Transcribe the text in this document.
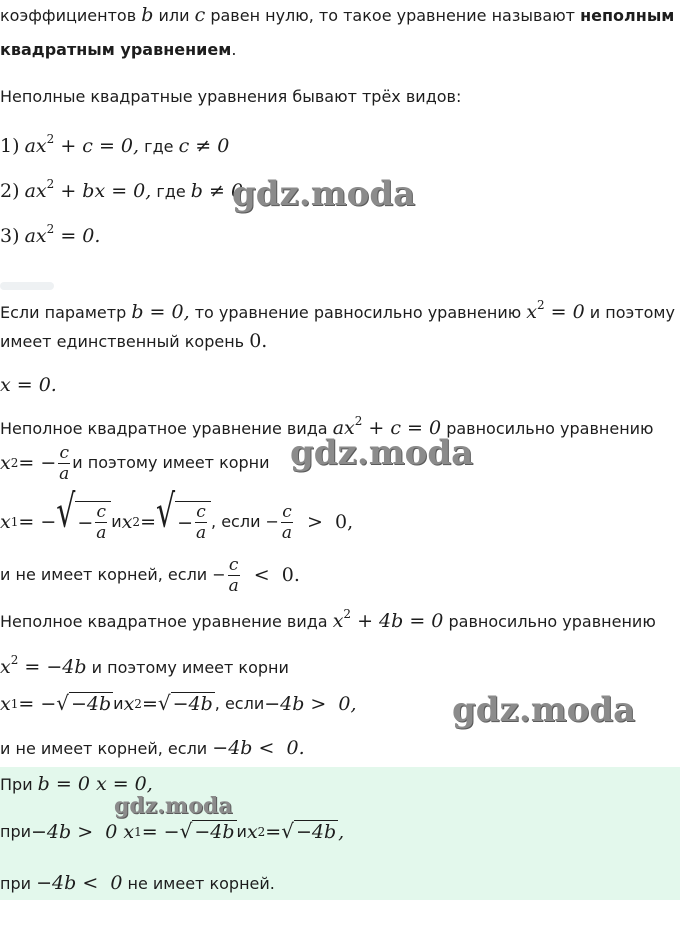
коэффициентов b или c равен нулю, то такое уравнение называют неполным
квадратным уравнением.
Неполные квадратные уравнения бывают трёх видов:
1) $ax^2 + c = 0$, где c ≠ 0
2) $ax^2$ + bx = 0, где b ≠ 0
3) $ax^2 = 0$.
Если параметр b = 0, то уравнение равносильно уравнению $x^2 = 0$ и поэтому
имеет единственный корень 0.
x = 0.
Неполное квадратное уравнение вида $ax^2 + c = 0$ равносильно уравнению
x 2 = − $\frac{c}{a}$ и поэтому имеет корни
x 1 = − √ − $\frac{c}{a}$ и x 2 = √ − $\frac{c}{a}$ , если − $\frac{c}{a} > 0$,
и не имеет корней, если − $\frac{c}{a} < 0$.
Неполное квадратное уравнение вида $x^2 + 4b = 0$ равносильно уравнению
$x^2 = -4b$ и поэтому имеет корни
x 1 = − √ −4b и x 2 = √ −4b , если −4b >  0,
и не имеет корней, если −4b <  0.
При b = 0 x = 0,
при −4b >  0 x 1 = − √ −4b и x 2 = √ −4b ,
при −4b <  0 не имеет корней.
gdz.moda
gdz.moda
gdz.moda
gdz.moda
